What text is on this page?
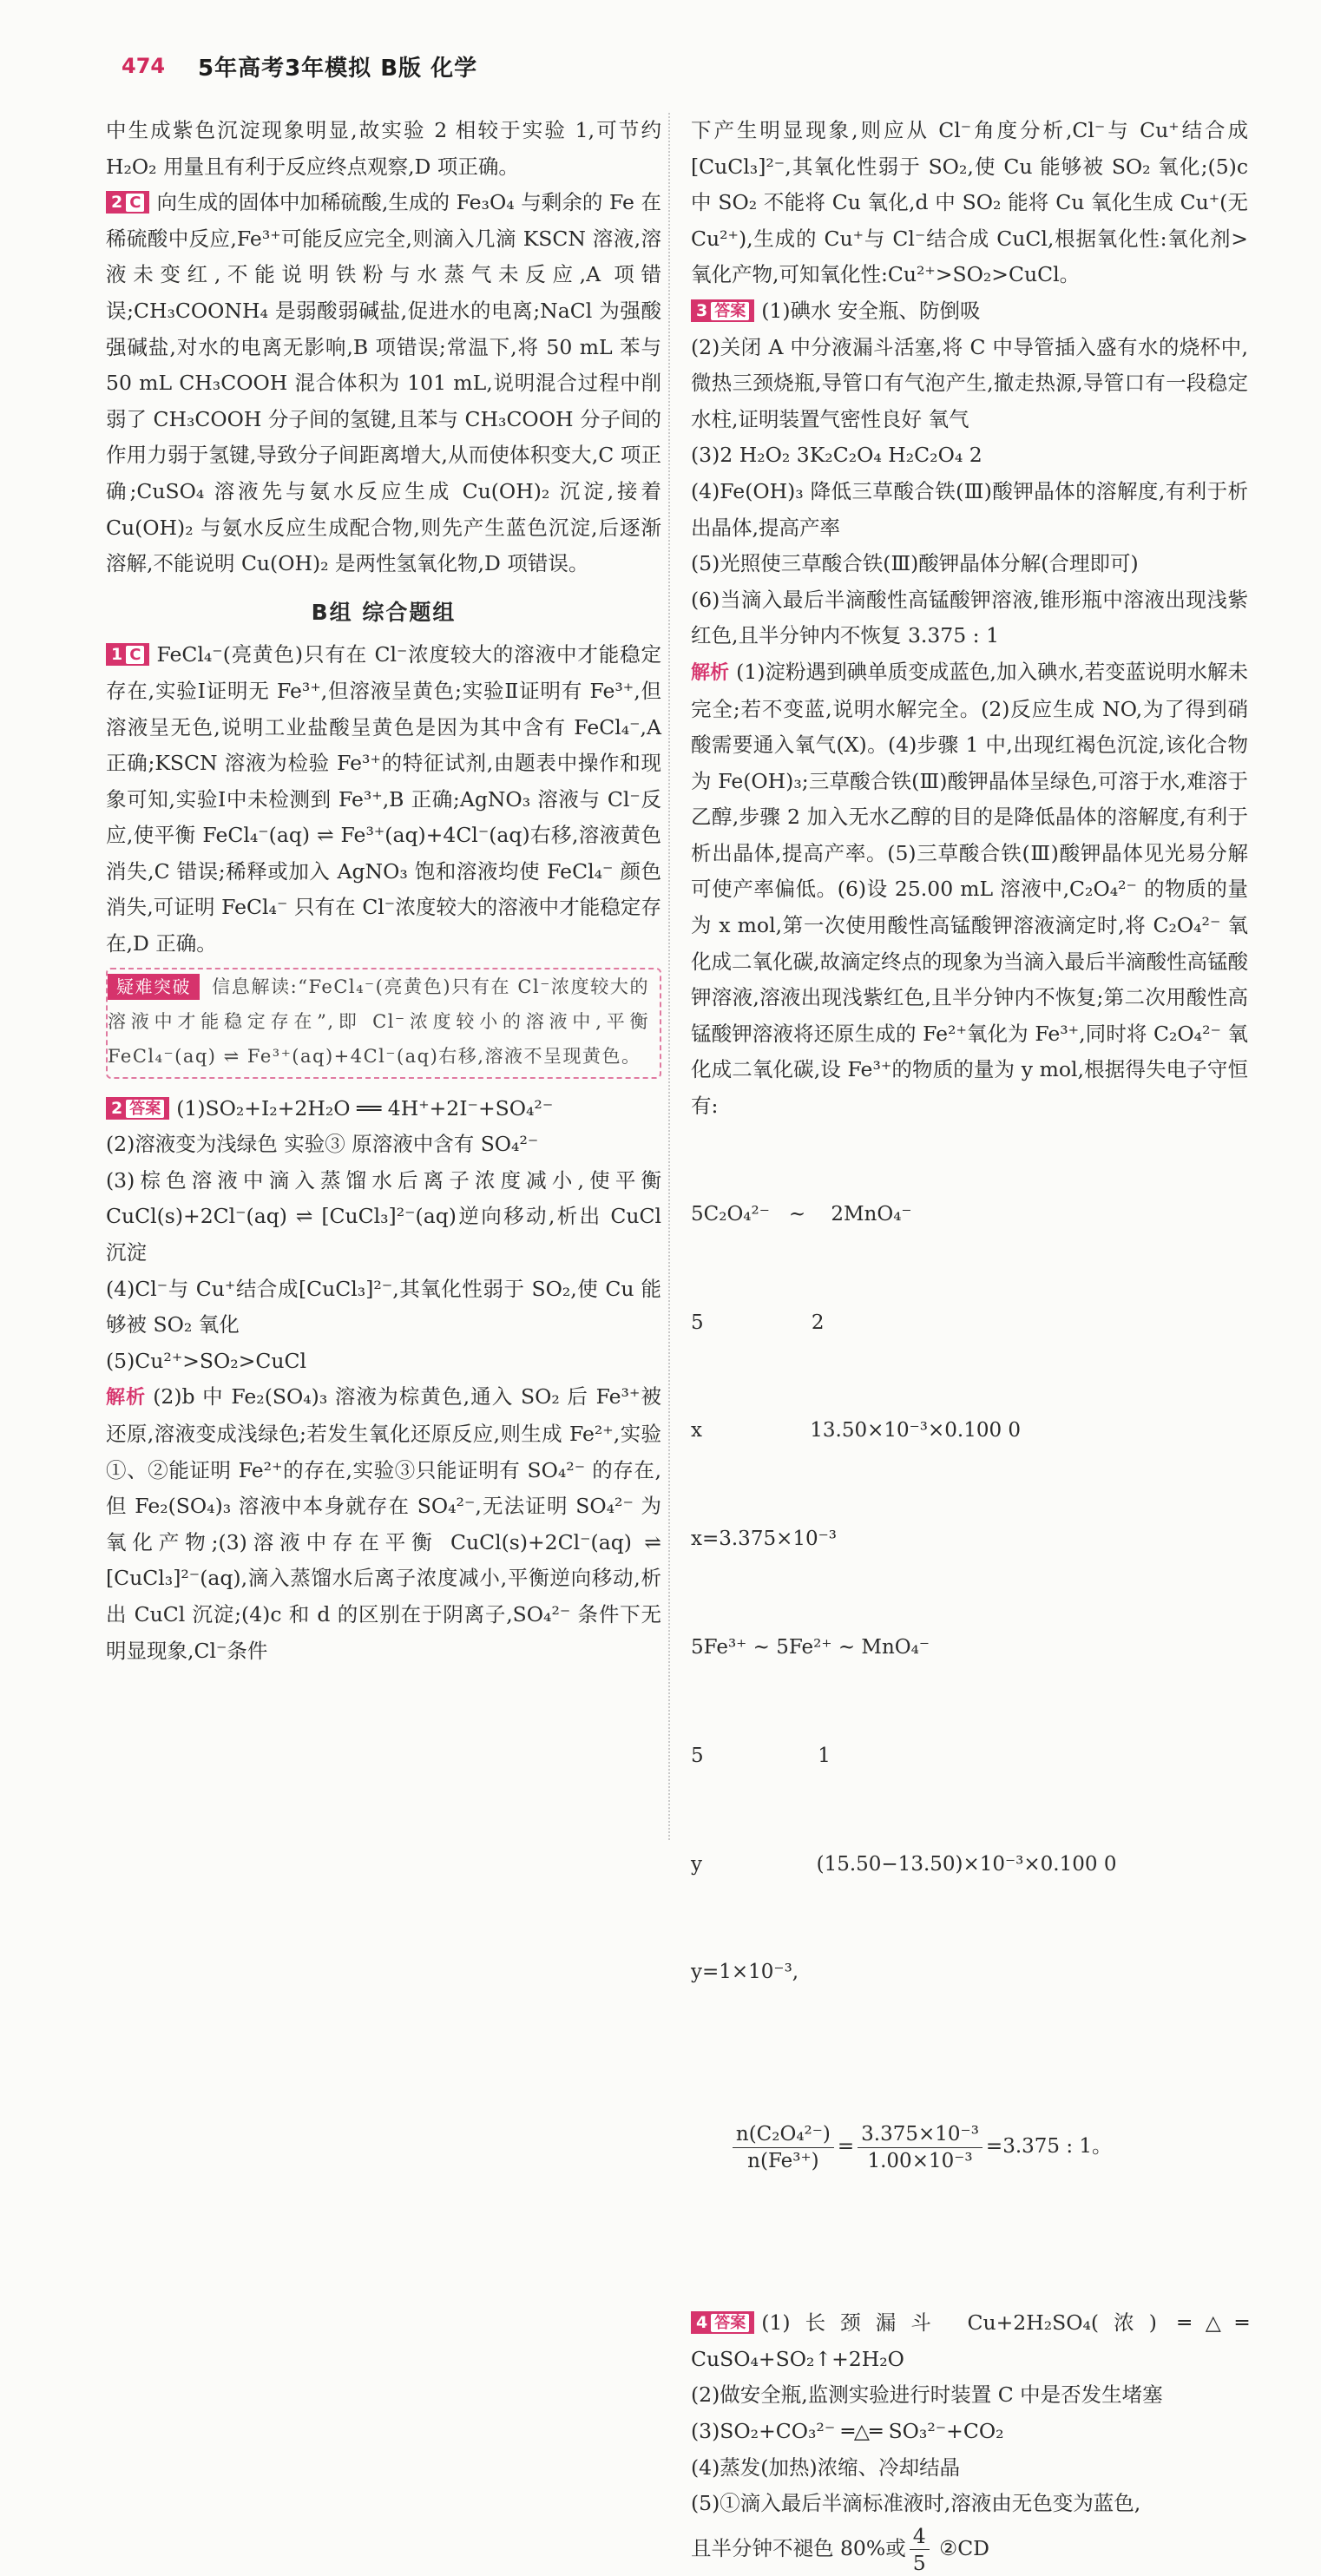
474 5年高考3年模拟 B版 化学

中生成紫色沉淀现象明显,故实验 2 相较于实验 1,可节约 H₂O₂ 用量且有利于反应终点观察,D 项正确。

2 C 向生成的固体中加稀硫酸,生成的 Fe₃O₄ 与剩余的 Fe 在稀硫酸中反应,Fe³⁺可能反应完全,则滴入几滴 KSCN 溶液,溶液未变红,不能说明铁粉与水蒸气未反应,A 项错误;CH₃COONH₄ 是弱酸弱碱盐,促进水的电离;NaCl 为强酸强碱盐,对水的电离无影响,B 项错误;常温下,将 50 mL 苯与 50 mL CH₃COOH 混合体积为 101 mL,说明混合过程中削弱了 CH₃COOH 分子间的氢键,且苯与 CH₃COOH 分子间的作用力弱于氢键,导致分子间距离增大,从而使体积变大,C 项正确;CuSO₄ 溶液先与氨水反应生成 Cu(OH)₂ 沉淀,接着 Cu(OH)₂ 与氨水反应生成配合物,则先产生蓝色沉淀,后逐渐溶解,不能说明 Cu(OH)₂ 是两性氢氧化物,D 项错误。

B组 综合题组

1 C FeCl₄⁻(亮黄色)只有在 Cl⁻浓度较大的溶液中才能稳定存在,实验Ⅰ证明无 Fe³⁺,但溶液呈黄色;实验Ⅱ证明有 Fe³⁺,但溶液呈无色,说明工业盐酸呈黄色是因为其中含有 FeCl₄⁻,A 正确;KSCN 溶液为检验 Fe³⁺的特征试剂,由题表中操作和现象可知,实验Ⅰ中未检测到 Fe³⁺,B 正确;AgNO₃ 溶液与 Cl⁻反应,使平衡 FeCl₄⁻(aq) ⇌ Fe³⁺(aq)+4Cl⁻(aq)右移,溶液黄色消失,C 错误;稀释或加入 AgNO₃ 饱和溶液均使 FeCl₄⁻ 颜色消失,可证明 FeCl₄⁻ 只有在 Cl⁻浓度较大的溶液中才能稳定存在,D 正确。

疑难突破 信息解读:“FeCl₄⁻(亮黄色)只有在 Cl⁻浓度较大的溶液中才能稳定存在”,即 Cl⁻浓度较小的溶液中,平衡 FeCl₄⁻(aq) ⇌ Fe³⁺(aq)+4Cl⁻(aq)右移,溶液不呈现黄色。

2 答案 (1)SO₂+I₂+2H₂O ══ 4H⁺+2I⁻+SO₄²⁻

(2)溶液变为浅绿色 实验③ 原溶液中含有 SO₄²⁻

(3)棕色溶液中滴入蒸馏水后离子浓度减小,使平衡 CuCl(s)+2Cl⁻(aq) ⇌ [CuCl₃]²⁻(aq)逆向移动,析出 CuCl 沉淀

(4)Cl⁻与 Cu⁺结合成[CuCl₃]²⁻,其氧化性弱于 SO₂,使 Cu 能够被 SO₂ 氧化

(5)Cu²⁺>SO₂>CuCl

解析 (2)b 中 Fe₂(SO₄)₃ 溶液为棕黄色,通入 SO₂ 后 Fe³⁺被还原,溶液变成浅绿色;若发生氧化还原反应,则生成 Fe²⁺,实验①、②能证明 Fe²⁺的存在,实验③只能证明有 SO₄²⁻ 的存在,但 Fe₂(SO₄)₃ 溶液中本身就存在 SO₄²⁻,无法证明 SO₄²⁻ 为氧化产物;(3)溶液中存在平衡 CuCl(s)+2Cl⁻(aq) ⇌ [CuCl₃]²⁻(aq),滴入蒸馏水后离子浓度减小,平衡逆向移动,析出 CuCl 沉淀;(4)c 和 d 的区别在于阴离子,SO₄²⁻ 条件下无明显现象,Cl⁻条件

下产生明显现象,则应从 Cl⁻角度分析,Cl⁻与 Cu⁺结合成[CuCl₃]²⁻,其氧化性弱于 SO₂,使 Cu 能够被 SO₂ 氧化;(5)c 中 SO₂ 不能将 Cu 氧化,d 中 SO₂ 能将 Cu 氧化生成 Cu⁺(无 Cu²⁺),生成的 Cu⁺与 Cl⁻结合成 CuCl,根据氧化性:氧化剂>氧化产物,可知氧化性:Cu²⁺>SO₂>CuCl。

3 答案 (1)碘水 安全瓶、防倒吸

(2)关闭 A 中分液漏斗活塞,将 C 中导管插入盛有水的烧杯中,微热三颈烧瓶,导管口有气泡产生,撤走热源,导管口有一段稳定水柱,证明装置气密性良好 氧气

(3)2 H₂O₂ 3K₂C₂O₄ H₂C₂O₄ 2

(4)Fe(OH)₃ 降低三草酸合铁(Ⅲ)酸钾晶体的溶解度,有利于析出晶体,提高产率

(5)光照使三草酸合铁(Ⅲ)酸钾晶体分解(合理即可)

(6)当滴入最后半滴酸性高锰酸钾溶液,锥形瓶中溶液出现浅紫红色,且半分钟内不恢复 3.375 : 1

解析 (1)淀粉遇到碘单质变成蓝色,加入碘水,若变蓝说明水解未完全;若不变蓝,说明水解完全。(2)反应生成 NO,为了得到硝酸需要通入氧气(X)。(4)步骤 1 中,出现红褐色沉淀,该化合物为 Fe(OH)₃;三草酸合铁(Ⅲ)酸钾晶体呈绿色,可溶于水,难溶于乙醇,步骤 2 加入无水乙醇的目的是降低晶体的溶解度,有利于析出晶体,提高产率。(5)三草酸合铁(Ⅲ)酸钾晶体见光易分解可使产率偏低。(6)设 25.00 mL 溶液中,C₂O₄²⁻ 的物质的量为 x mol,第一次使用酸性高锰酸钾溶液滴定时,将 C₂O₄²⁻ 氧化成二氧化碳,故滴定终点的现象为当滴入最后半滴酸性高锰酸钾溶液,溶液出现浅紫红色,且半分钟内不恢复;第二次用酸性高锰酸钾溶液将还原生成的 Fe²⁺氧化为 Fe³⁺,同时将 C₂O₄²⁻ 氧化成二氧化碳,设 Fe³⁺的物质的量为 y mol,根据得失电子守恒有:

5C₂O₄²⁻   ~    2MnO₄⁻

5                 2

x                 13.50×10⁻³×0.100 0

x=3.375×10⁻³

5Fe³⁺ ~ 5Fe²⁺ ~ MnO₄⁻

5                  1

y                  (15.50−13.50)×10⁻³×0.100 0

y=1×10⁻³,

$\frac{\text{n(C₂O₄²⁻)}}{\text{n(Fe³⁺)}} = \frac{\text{3.375×10⁻³}}{\text{1.00×10⁻³}} =3.375$ : 1。

4 答案 (1)长颈漏斗 Cu+2H₂SO₄(浓) ═△═ CuSO₄+SO₂↑+2H₂O

(2)做安全瓶,监测实验进行时装置 C 中是否发生堵塞

(3)SO₂+CO₃²⁻ ═△═ SO₃²⁻+CO₂

(4)蒸发(加热)浓缩、冷却结晶

(5)①滴入最后半滴标准液时,溶液由无色变为蓝色,

且半分钟不褪色 80%或 $\frac{4}{5}$ ②CD
